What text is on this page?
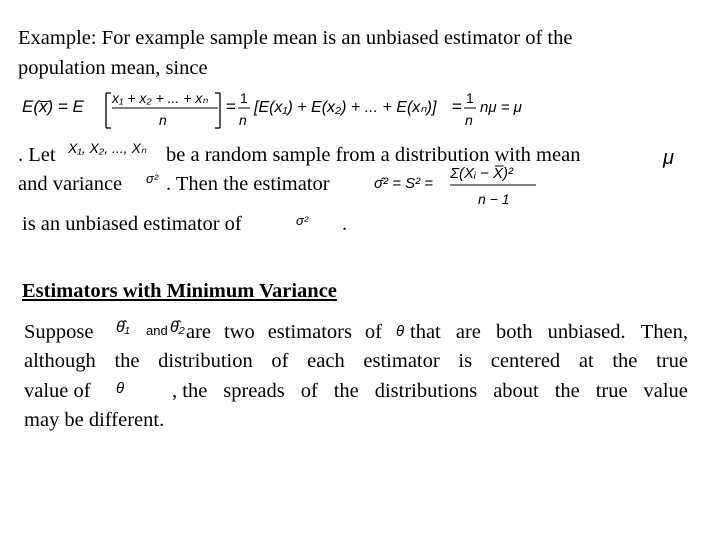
Example: For example sample mean is an unbiased estimator of the
population mean, since
E(x̅) = E x₁ + x₂ + ... + xₙ
n
= 1
n
[E(x₁) + E(x₂) + ... + E(xₙ)] = 1
n
nμ = μ
. Let X₁, X₂, ..., Xₙ be a random sample from a distribution with mean	μ
and variance σ² . Then the estimator	σ̂² = S² =
Σ(Xᵢ − X̅)²
n − 1
is an unbiased estimator of	σ² .
Estimators with Minimum Variance
Suppose θ̂₁ and θ̂₂ are two estimators of θ that are both unbiased. Then,
although the distribution of each estimator is centered at the true
value of θ , the spreads of the distributions about the true value
may be different.
